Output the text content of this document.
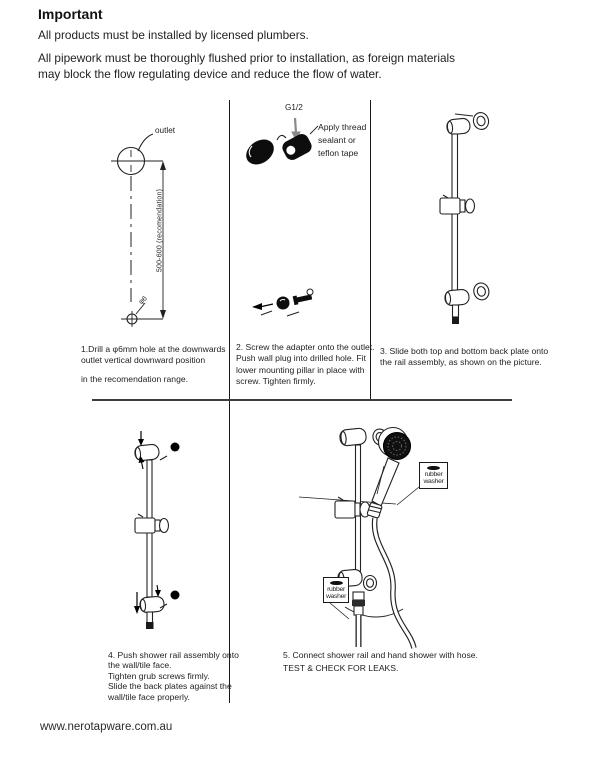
Important
All products must be installed by licensed plumbers.
All pipework must be thoroughly flushed prior to installation, as foreign materials
may block the flow regulating device and reduce the flow of water.
outlet
500-600 (recomendation)
φ6
1.Drill a φ6mm hole at the downwards
outlet vertical downward position
in the recomendation range.
G1/2
Apply thread
sealant or
teflon tape
2. Screw the adapter onto the outlet.
Push wall plug into drilled hole. Fit
lower mounting pillar in place with
screw. Tighten firmly.
3. Slide both top and bottom back plate onto
the rail assembly, as shown on the picture.
4. Push shower rail assembly onto
the wall/tile face.
Tighten grub screws firmly.
Slide the back plates against the
wall/tile face properly.
rubber
washer
rubber
washer
5. Connect shower rail and hand shower with hose.
TEST & CHECK FOR LEAKS.
www.nerotapware.com.au
